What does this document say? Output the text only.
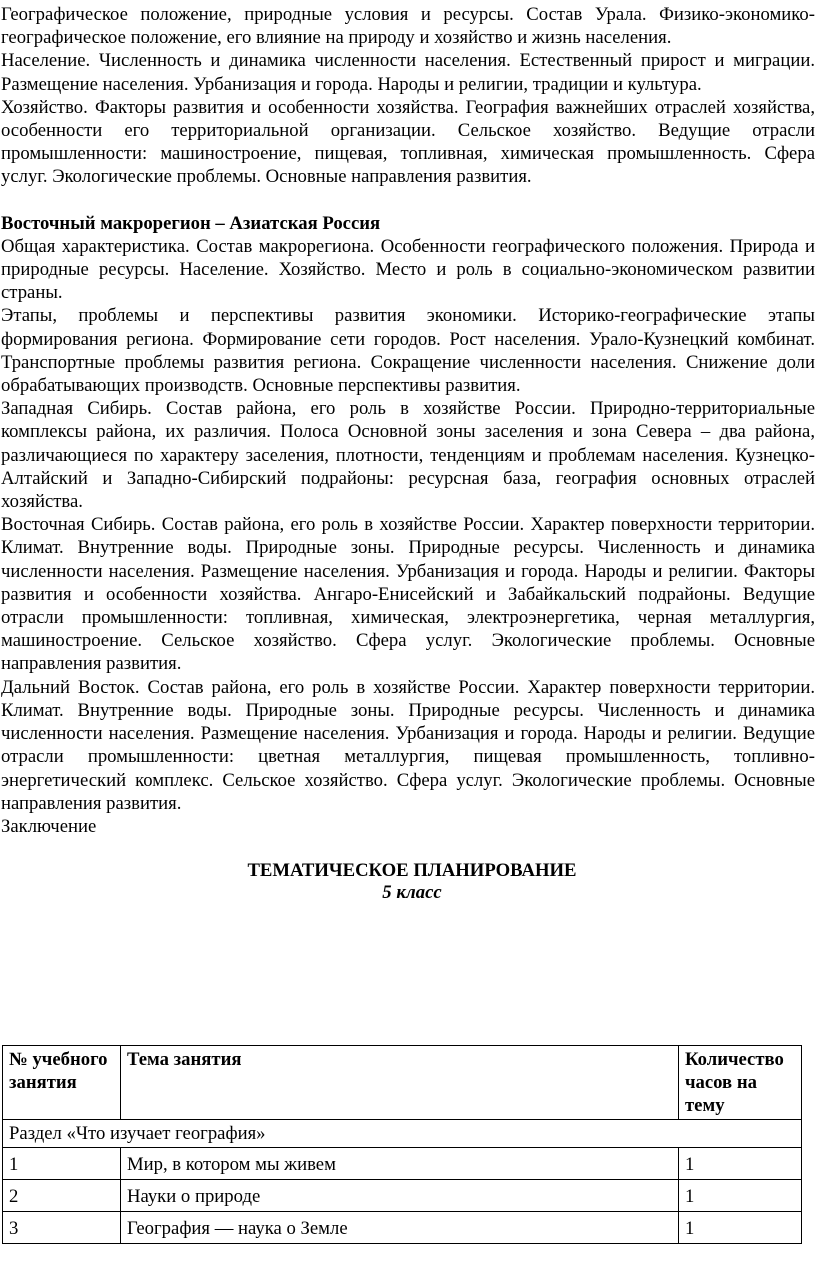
Географическое положение, природные условия и ресурсы. Состав Урала. Физико-экономико-географическое положение, его влияние на природу и хозяйство и жизнь населения.

Население. Численность и динамика численности населения. Естественный прирост и миграции. Размещение населения. Урбанизация и города. Народы и религии, традиции и культура.

Хозяйство. Факторы развития и особенности хозяйства. География важнейших отраслей хозяйства, особенности его территориальной организации. Сельское хозяйство. Ведущие отрасли промышленности: машиностроение, пищевая, топливная, химическая промышленность. Сфера услуг. Экологические проблемы. Основные направления развития.

Восточный макрорегион – Азиатская Россия

Общая характеристика. Состав макрорегиона. Особенности географического положения. Природа и природные ресурсы. Население. Хозяйство. Место и роль в социально-экономическом развитии страны.

Этапы, проблемы и перспективы развития экономики. Историко-географические этапы формирования региона. Формирование сети городов. Рост населения. Урало-Кузнецкий комбинат. Транспортные проблемы развития региона. Сокращение численности населения. Снижение доли обрабатывающих производств. Основные перспективы развития.

Западная Сибирь. Состав района, его роль в хозяйстве России. Природно-территориальные комплексы района, их различия. Полоса Основной зоны заселения и зона Севера – два района, различающиеся по характеру заселения, плотности, тенденциям и проблемам населения. Кузнецко-Алтайский и Западно-Сибирский подрайоны: ресурсная база, география основных отраслей хозяйства.

Восточная Сибирь. Состав района, его роль в хозяйстве России. Характер поверхности территории. Климат. Внутренние воды. Природные зоны. Природные ресурсы. Численность и динамика численности населения. Размещение населения. Урбанизация и города. Народы и религии. Факторы развития и особенности хозяйства. Ангаро-Енисейский и Забайкальский подрайоны. Ведущие отрасли промышленности: топливная, химическая, электроэнергетика, черная металлургия, машиностроение. Сельское хозяйство. Сфера услуг. Экологические проблемы. Основные направления развития.

Дальний Восток. Состав района, его роль в хозяйстве России. Характер поверхности территории. Климат. Внутренние воды. Природные зоны. Природные ресурсы. Численность и динамика численности населения. Размещение населения. Урбанизация и города. Народы и религии. Ведущие отрасли промышленности: цветная металлургия, пищевая промышленность, топливно-энергетический комплекс. Сельское хозяйство. Сфера услуг. Экологические проблемы. Основные направления развития.

Заключение

ТЕМАТИЧЕСКОЕ ПЛАНИРОВАНИЕ
5 класс
№ учебного занятия	Тема занятия	Количество часов на тему
Раздел «Что изучает география»		
1	Мир, в котором мы живем	1
2	Науки о природе	1
3	География — наука о Земле	1
